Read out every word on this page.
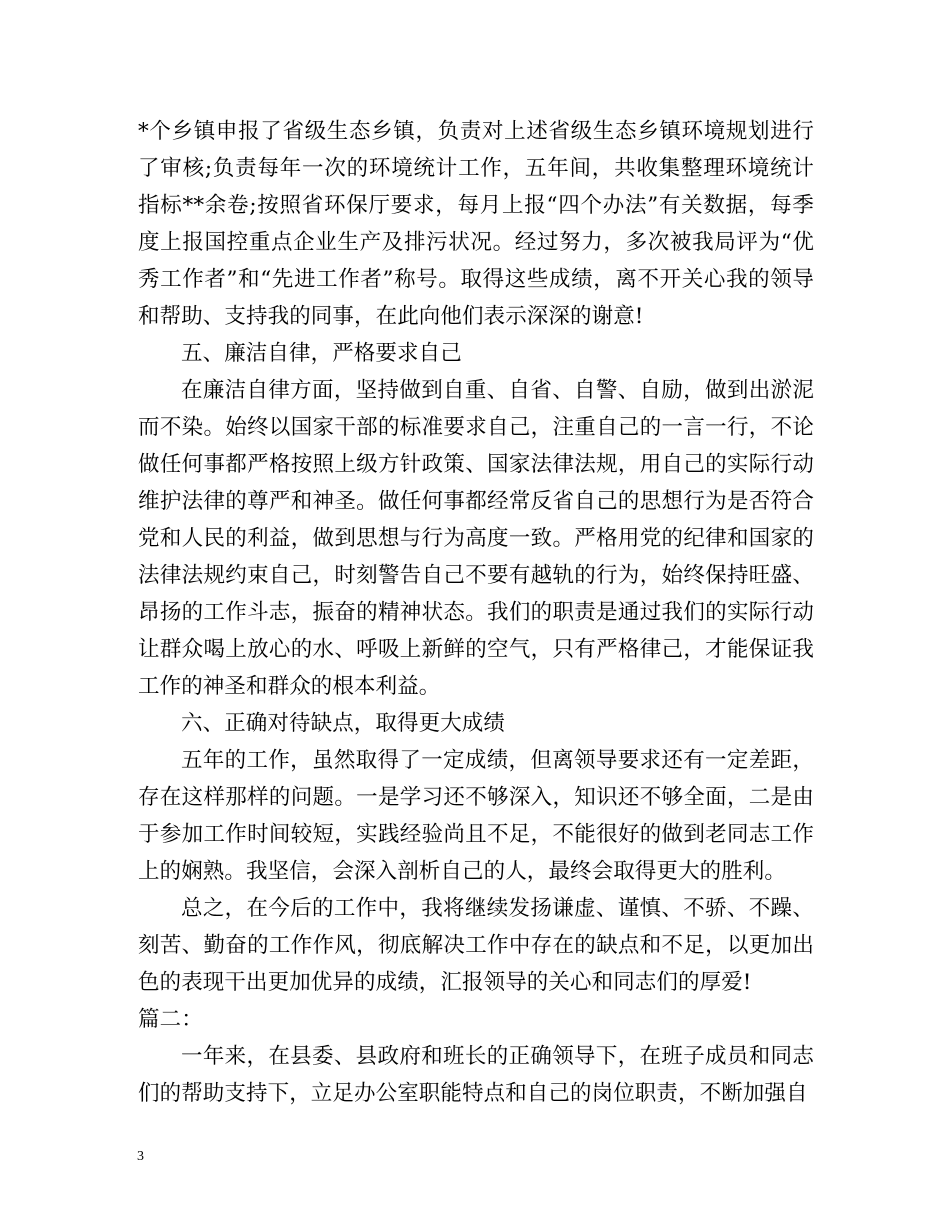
*个乡镇申报了省级生态乡镇，负责对上述省级生态乡镇环境规划进行了审核;负责每年一次的环境统计工作，五年间，共收集整理环境统计指标**余卷;按照省环保厅要求，每月上报“四个办法”有关数据，每季度上报国控重点企业生产及排污状况。经过努力，多次被我局评为“优秀工作者”和“先进工作者”称号。取得这些成绩，离不开关心我的领导和帮助、支持我的同事，在此向他们表示深深的谢意!

五、廉洁自律，严格要求自己

在廉洁自律方面，坚持做到自重、自省、自警、自励，做到出淤泥而不染。始终以国家干部的标准要求自己，注重自己的一言一行，不论做任何事都严格按照上级方针政策、国家法律法规，用自己的实际行动维护法律的尊严和神圣。做任何事都经常反省自己的思想行为是否符合党和人民的利益，做到思想与行为高度一致。严格用党的纪律和国家的法律法规约束自己，时刻警告自己不要有越轨的行为，始终保持旺盛、昂扬的工作斗志，振奋的精神状态。我们的职责是通过我们的实际行动让群众喝上放心的水、呼吸上新鲜的空气，只有严格律己，才能保证我工作的神圣和群众的根本利益。

六、正确对待缺点，取得更大成绩

五年的工作，虽然取得了一定成绩，但离领导要求还有一定差距，存在这样那样的问题。一是学习还不够深入，知识还不够全面，二是由于参加工作时间较短，实践经验尚且不足，不能很好的做到老同志工作上的娴熟。我坚信，会深入剖析自己的人，最终会取得更大的胜利。

总之，在今后的工作中，我将继续发扬谦虚、谨慎、不骄、不躁、刻苦、勤奋的工作作风，彻底解决工作中存在的缺点和不足，以更加出色的表现干出更加优异的成绩，汇报领导的关心和同志们的厚爱!

篇二：

一年来，在县委、县政府和班长的正确领导下，在班子成员和同志们的帮助支持下，立足办公室职能特点和自己的岗位职责，不断加强自

3
